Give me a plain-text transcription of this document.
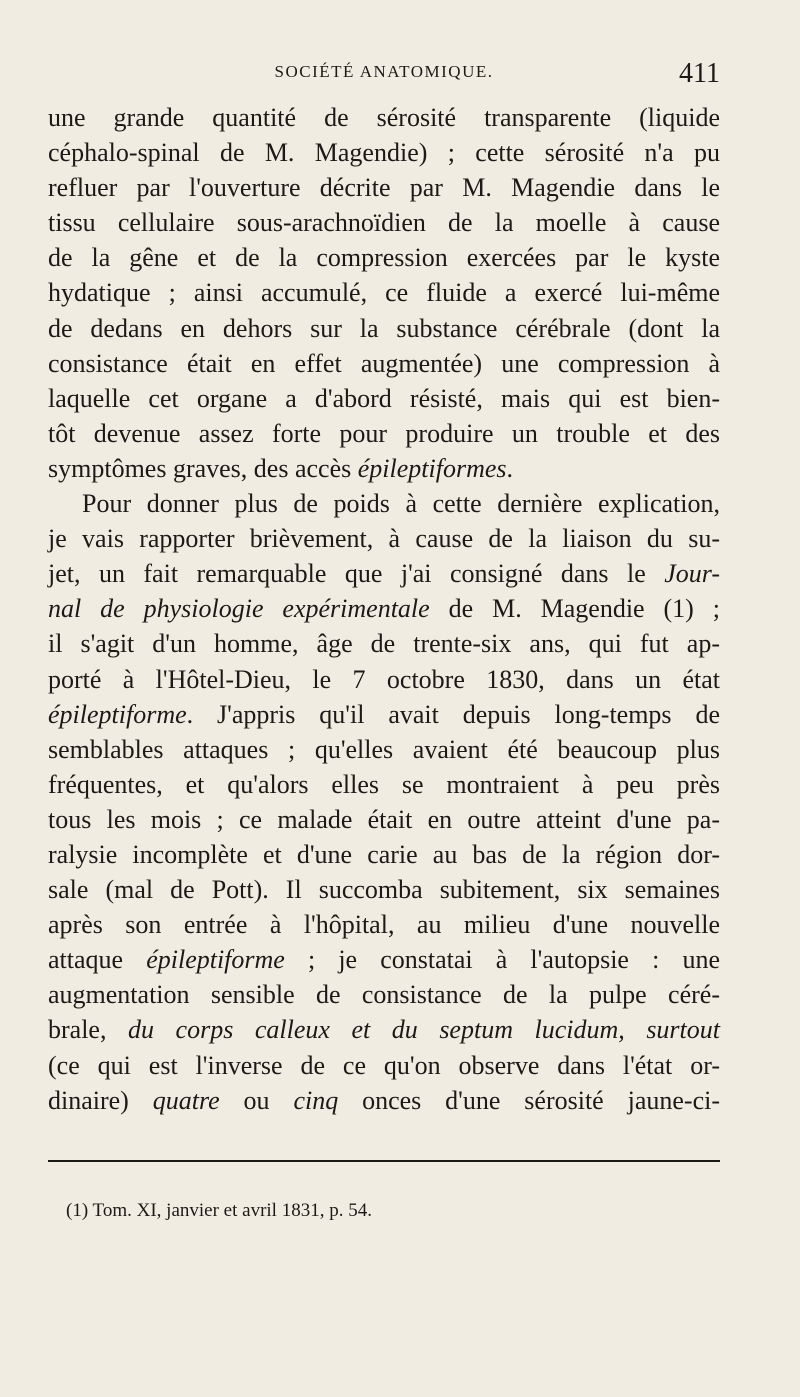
SOCIÉTÉ ANATOMIQUE.	411
une grande quantité de sérosité transparente (liquide
céphalo-spinal de M. Magendie) ; cette sérosité n'a pu
refluer par l'ouverture décrite par M. Magendie dans le
tissu cellulaire sous-arachnoïdien de la moelle à cause
de la gêne et de la compression exercées par le kyste
hydatique ; ainsi accumulé, ce fluide a exercé lui-même
de dedans en dehors sur la substance cérébrale (dont la
consistance était en effet augmentée) une compression à
laquelle cet organe a d'abord résisté, mais qui est bien-
tôt devenue assez forte pour produire un trouble et des
symptômes graves, des accès épileptiformes.
Pour donner plus de poids à cette dernière explication,
je vais rapporter brièvement, à cause de la liaison du su-
jet, un fait remarquable que j'ai consigné dans le Jour-
nal de physiologie expérimentale de M. Magendie (1) ;
il s'agit d'un homme, âge de trente-six ans, qui fut ap-
porté à l'Hôtel-Dieu, le 7 octobre 1830, dans un état
épileptiforme. J'appris qu'il avait depuis long-temps de
semblables attaques ; qu'elles avaient été beaucoup plus
fréquentes, et qu'alors elles se montraient à peu près
tous les mois ; ce malade était en outre atteint d'une pa-
ralysie incomplète et d'une carie au bas de la région dor-
sale (mal de Pott). Il succomba subitement, six semaines
après son entrée à l'hôpital, au milieu d'une nouvelle
attaque épileptiforme ; je constatai à l'autopsie : une
augmentation sensible de consistance de la pulpe céré-
brale, du corps calleux et du septum lucidum, surtout
(ce qui est l'inverse de ce qu'on observe dans l'état or-
dinaire) quatre ou cinq onces d'une sérosité jaune-ci-
(1) Tom. XI, janvier et avril 1831, p. 54.
